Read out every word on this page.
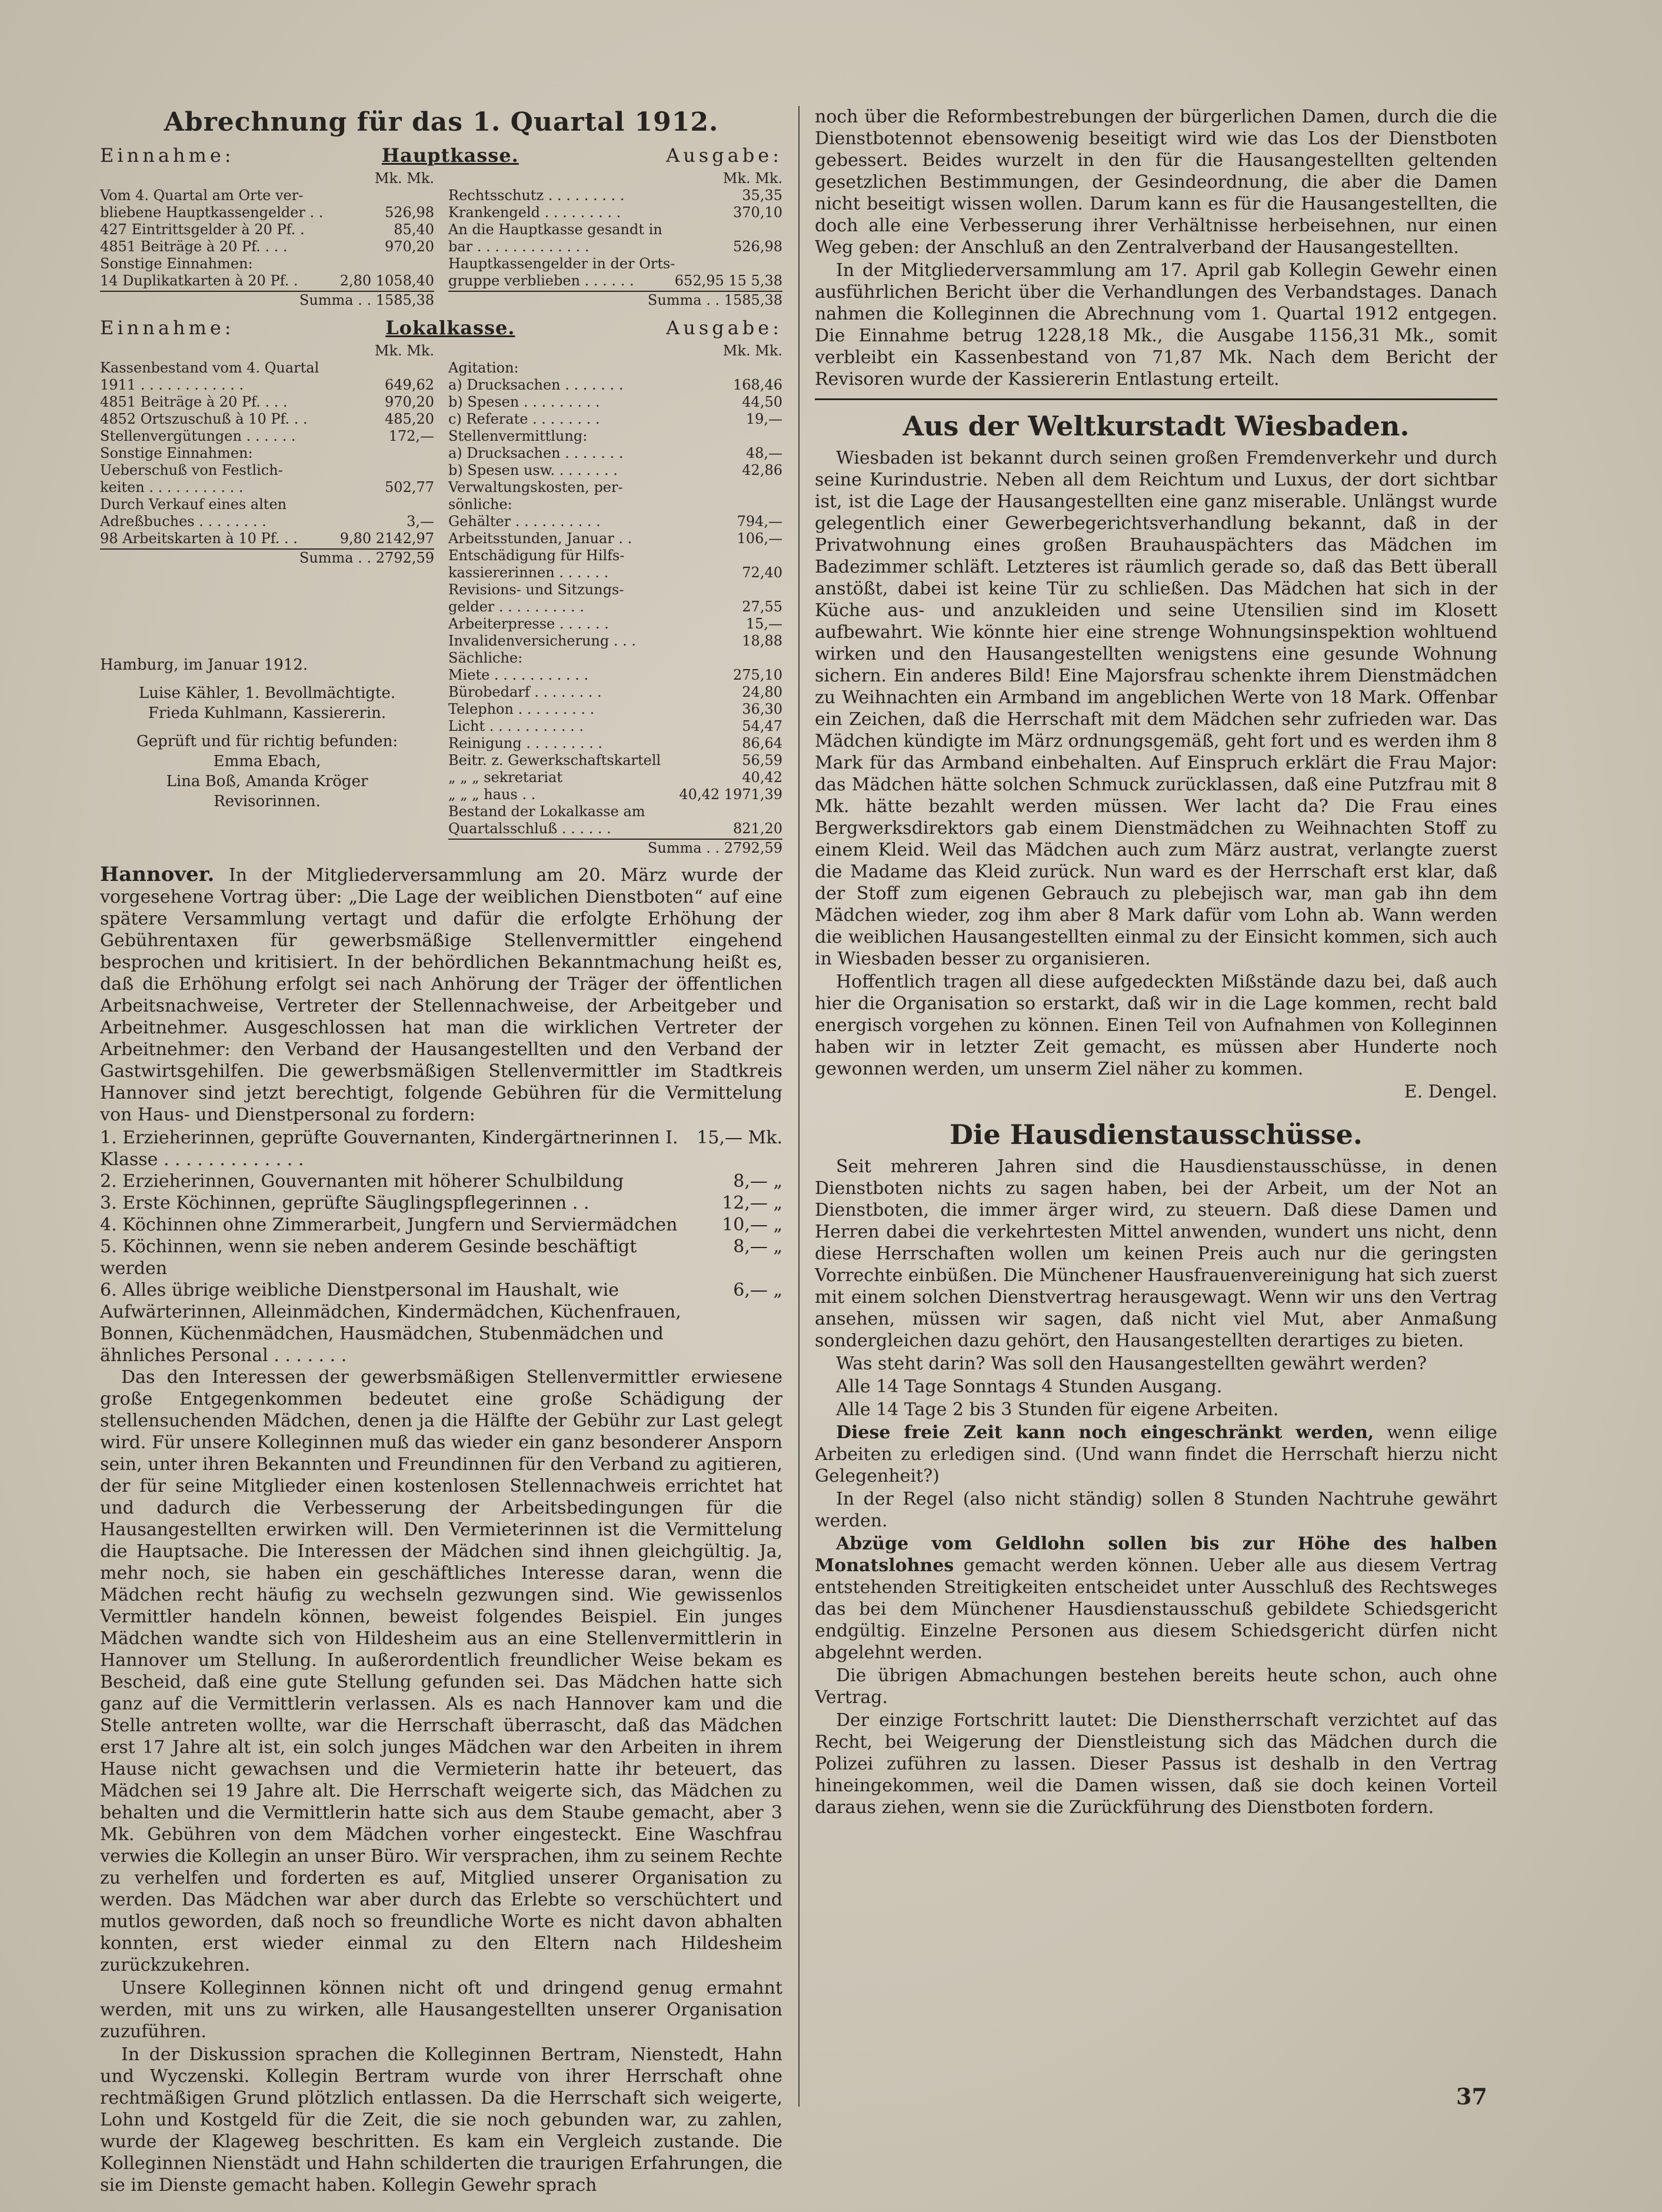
Abrechnung für das 1. Quartal 1912.
Einnahme:	Hauptkasse.	Ausgabe:
Mk. Mk.
Vom 4. Quartal am Orte ver-
bliebene Hauptkassengelder . .	526,98
427 Eintrittsgelder à 20 Pf. .	85,40
4851 Beiträge à 20 Pf. . . .	970,20
Sonstige Einnahmen:
14 Duplikatkarten à 20 Pf. .	2,80 1058,40
Summa . . 1585,38
Mk. Mk.
Rechtsschutz . . . . . . . . .	35,35
Krankengeld . . . . . . . . .	370,10
An die Hauptkasse gesandt in
bar . . . . . . . . . . . . .	526,98
Hauptkassengelder in der Orts-
gruppe verblieben . . . . . .	652,95 15 5,38
Summa . . 1585,38
Einnahme:	Lokalkasse.	Ausgabe:
Mk. Mk.
Kassenbestand vom 4. Quartal
1911 . . . . . . . . . . . .	649,62
4851 Beiträge à 20 Pf. . . .	970,20
4852 Ortszuschuß à 10 Pf. . .	485,20
Stellenvergütungen . . . . . .	172,—
Sonstige Einnahmen:
Ueberschuß von Festlich-
keiten . . . . . . . . . . .	502,77
Durch Verkauf eines alten
Adreßbuches . . . . . . . .	3,—
98 Arbeitskarten à 10 Pf. . .	9,80 2142,97
Summa . . 2792,59
Hamburg, im Januar 1912.
Luise Kähler, 1. Bevollmächtigte.
Frieda Kuhlmann, Kassiererin.
Geprüft und für richtig befunden:
Emma Ebach,
Lina Boß, Amanda Kröger
Revisorinnen.
Mk. Mk.
Agitation:
a) Drucksachen . . . . . . .	168,46
b) Spesen . . . . . . . . .	44,50
c) Referate . . . . . . . .	19,—
Stellenvermittlung:
a) Drucksachen . . . . . . .	48,—
b) Spesen usw. . . . . . . .	42,86
Verwaltungskosten, per-
sönliche:
Gehälter . . . . . . . . . .	794,—
Arbeitsstunden, Januar . .	106,—
Entschädigung für Hilfs-
kassiererinnen . . . . . .	72,40
Revisions- und Sitzungs-
gelder . . . . . . . . . .	27,55
Arbeiterpresse . . . . . .	15,—
Invalidenversicherung . . .	18,88
Sächliche:
Miete . . . . . . . . . . .	275,10
Bürobedarf . . . . . . . .	24,80
Telephon . . . . . . . . .	36,30
Licht . . . . . . . . . . .	54,47
Reinigung . . . . . . . . .	86,64
Beitr. z. Gewerkschaftskartell	56,59
„ „ „ sekretariat	40,42
„ „ „ haus . .	40,42 1971,39
Bestand der Lokalkasse am
Quartalsschluß . . . . . .	821,20
Summa . . 2792,59

Hannover. In der Mitgliederversammlung am 20. März wurde der vorgesehene Vortrag über: „Die Lage der weiblichen Dienstboten“ auf eine spätere Versammlung vertagt und dafür die erfolgte Erhöhung der Gebührentaxen für gewerbsmäßige Stellenvermittler eingehend besprochen und kritisiert. In der behördlichen Bekanntmachung heißt es, daß die Erhöhung erfolgt sei nach Anhörung der Träger der öffentlichen Arbeitsnachweise, Vertreter der Stellennachweise, der Arbeitgeber und Arbeitnehmer. Ausgeschlossen hat man die wirklichen Vertreter der Arbeitnehmer: den Verband der Hausangestellten und den Verband der Gastwirtsgehilfen. Die gewerbsmäßigen Stellenvermittler im Stadtkreis Hannover sind jetzt berechtigt, folgende Gebühren für die Vermittelung von Haus- und Dienstpersonal zu fordern:

1. Erzieherinnen, geprüfte Gouvernanten, Kindergärtnerinnen I. Klasse . . . . . . . . . . . . .
15,— Mk.
2. Erzieherinnen, Gouvernanten mit höherer Schulbildung	8,— „
3. Erste Köchinnen, geprüfte Säuglingspflegerinnen . .	12,— „
4. Köchinnen ohne Zimmerarbeit, Jungfern und Serviermädchen	10,— „
5. Köchinnen, wenn sie neben anderem Gesinde beschäftigt werden
8,— „
6. Alles übrige weibliche Dienstpersonal im Haushalt, wie Aufwärterinnen, Alleinmädchen, Kindermädchen, Küchenfrauen, Bonnen, Küchenmädchen, Hausmädchen, Stubenmädchen und ähnliches Personal . . . . . . .
6,— „

Das den Interessen der gewerbsmäßigen Stellenvermittler erwiesene große Entgegenkommen bedeutet eine große Schädigung der stellensuchenden Mädchen, denen ja die Hälfte der Gebühr zur Last gelegt wird. Für unsere Kolleginnen muß das wieder ein ganz besonderer Ansporn sein, unter ihren Bekannten und Freundinnen für den Verband zu agitieren, der für seine Mitglieder einen kostenlosen Stellennachweis errichtet hat und dadurch die Verbesserung der Arbeitsbedingungen für die Hausangestellten erwirken will. Den Vermieterinnen ist die Vermittelung die Hauptsache. Die Interessen der Mädchen sind ihnen gleichgültig. Ja, mehr noch, sie haben ein geschäftliches Interesse daran, wenn die Mädchen recht häufig zu wechseln gezwungen sind. Wie gewissenlos Vermittler handeln können, beweist folgendes Beispiel. Ein junges Mädchen wandte sich von Hildesheim aus an eine Stellenvermittlerin in Hannover um Stellung. In außerordentlich freundlicher Weise bekam es Bescheid, daß eine gute Stellung gefunden sei. Das Mädchen hatte sich ganz auf die Vermittlerin verlassen. Als es nach Hannover kam und die Stelle antreten wollte, war die Herrschaft überrascht, daß das Mädchen erst 17 Jahre alt ist, ein solch junges Mädchen war den Arbeiten in ihrem Hause nicht gewachsen und die Vermieterin hatte ihr beteuert, das Mädchen sei 19 Jahre alt. Die Herrschaft weigerte sich, das Mädchen zu behalten und die Vermittlerin hatte sich aus dem Staube gemacht, aber 3 Mk. Gebühren von dem Mädchen vorher eingesteckt. Eine Waschfrau verwies die Kollegin an unser Büro. Wir versprachen, ihm zu seinem Rechte zu verhelfen und forderten es auf, Mitglied unserer Organisation zu werden. Das Mädchen war aber durch das Erlebte so verschüchtert und mutlos geworden, daß noch so freundliche Worte es nicht davon abhalten konnten, erst wieder einmal zu den Eltern nach Hildesheim zurückzukehren.

Unsere Kolleginnen können nicht oft und dringend genug ermahnt werden, mit uns zu wirken, alle Hausangestellten unserer Organisation zuzuführen.

In der Diskussion sprachen die Kolleginnen Bertram, Nienstedt, Hahn und Wyczenski. Kollegin Bertram wurde von ihrer Herrschaft ohne rechtmäßigen Grund plötzlich entlassen. Da die Herrschaft sich weigerte, Lohn und Kostgeld für die Zeit, die sie noch gebunden war, zu zahlen, wurde der Klageweg beschritten. Es kam ein Vergleich zustande. Die Kolleginnen Nienstädt und Hahn schilderten die traurigen Erfahrungen, die sie im Dienste gemacht haben. Kollegin Gewehr sprach

noch über die Reformbestrebungen der bürgerlichen Damen, durch die die Dienstbotennot ebensowenig beseitigt wird wie das Los der Dienstboten gebessert. Beides wurzelt in den für die Hausangestellten geltenden gesetzlichen Bestimmungen, der Gesindeordnung, die aber die Damen nicht beseitigt wissen wollen. Darum kann es für die Hausangestellten, die doch alle eine Verbesserung ihrer Verhältnisse herbeisehnen, nur einen Weg geben: der Anschluß an den Zentralverband der Hausangestellten.

In der Mitgliederversammlung am 17. April gab Kollegin Gewehr einen ausführlichen Bericht über die Verhandlungen des Verbandstages. Danach nahmen die Kolleginnen die Abrechnung vom 1. Quartal 1912 entgegen. Die Einnahme betrug 1228,18 Mk., die Ausgabe 1156,31 Mk., somit verbleibt ein Kassenbestand von 71,87 Mk. Nach dem Bericht der Revisoren wurde der Kassiererin Entlastung erteilt.

Aus der Weltkurstadt Wiesbaden.

Wiesbaden ist bekannt durch seinen großen Fremdenverkehr und durch seine Kurindustrie. Neben all dem Reichtum und Luxus, der dort sichtbar ist, ist die Lage der Hausangestellten eine ganz miserable. Unlängst wurde gelegentlich einer Gewerbegerichtsverhandlung bekannt, daß in der Privatwohnung eines großen Brauhauspächters das Mädchen im Badezimmer schläft. Letzteres ist räumlich gerade so, daß das Bett überall anstößt, dabei ist keine Tür zu schließen. Das Mädchen hat sich in der Küche aus- und anzukleiden und seine Utensilien sind im Klosett aufbewahrt. Wie könnte hier eine strenge Wohnungsinspektion wohltuend wirken und den Hausangestellten wenigstens eine gesunde Wohnung sichern. Ein anderes Bild! Eine Majorsfrau schenkte ihrem Dienstmädchen zu Weihnachten ein Armband im angeblichen Werte von 18 Mark. Offenbar ein Zeichen, daß die Herrschaft mit dem Mädchen sehr zufrieden war. Das Mädchen kündigte im März ordnungsgemäß, geht fort und es werden ihm 8 Mark für das Armband einbehalten. Auf Einspruch erklärt die Frau Major: das Mädchen hätte solchen Schmuck zurücklassen, daß eine Putzfrau mit 8 Mk. hätte bezahlt werden müssen. Wer lacht da? Die Frau eines Bergwerksdirektors gab einem Dienstmädchen zu Weihnachten Stoff zu einem Kleid. Weil das Mädchen auch zum März austrat, verlangte zuerst die Madame das Kleid zurück. Nun ward es der Herrschaft erst klar, daß der Stoff zum eigenen Gebrauch zu plebejisch war, man gab ihn dem Mädchen wieder, zog ihm aber 8 Mark dafür vom Lohn ab. Wann werden die weiblichen Hausangestellten einmal zu der Einsicht kommen, sich auch in Wiesbaden besser zu organisieren.

Hoffentlich tragen all diese aufgedeckten Mißstände dazu bei, daß auch hier die Organisation so erstarkt, daß wir in die Lage kommen, recht bald energisch vorgehen zu können. Einen Teil von Aufnahmen von Kolleginnen haben wir in letzter Zeit gemacht, es müssen aber Hunderte noch gewonnen werden, um unserm Ziel näher zu kommen.

E. Dengel.
Die Hausdienstausschüsse.

Seit mehreren Jahren sind die Hausdienstausschüsse, in denen Dienstboten nichts zu sagen haben, bei der Arbeit, um der Not an Dienstboten, die immer ärger wird, zu steuern. Daß diese Damen und Herren dabei die verkehrtesten Mittel anwenden, wundert uns nicht, denn diese Herrschaften wollen um keinen Preis auch nur die geringsten Vorrechte einbüßen. Die Münchener Hausfrauenvereinigung hat sich zuerst mit einem solchen Dienstvertrag herausgewagt. Wenn wir uns den Vertrag ansehen, müssen wir sagen, daß nicht viel Mut, aber Anmaßung sondergleichen dazu gehört, den Hausangestellten derartiges zu bieten.

Was steht darin? Was soll den Hausangestellten gewährt werden?

Alle 14 Tage Sonntags 4 Stunden Ausgang.

Alle 14 Tage 2 bis 3 Stunden für eigene Arbeiten.

Diese freie Zeit kann noch eingeschränkt werden, wenn eilige Arbeiten zu erledigen sind. (Und wann findet die Herrschaft hierzu nicht Gelegenheit?)

In der Regel (also nicht ständig) sollen 8 Stunden Nachtruhe gewährt werden.

Abzüge vom Geldlohn sollen bis zur Höhe des halben Monatslohnes gemacht werden können. Ueber alle aus diesem Vertrag entstehenden Streitigkeiten entscheidet unter Ausschluß des Rechtsweges das bei dem Münchener Hausdienstausschuß gebildete Schiedsgericht endgültig. Einzelne Personen aus diesem Schiedsgericht dürfen nicht abgelehnt werden.

Die übrigen Abmachungen bestehen bereits heute schon, auch ohne Vertrag.

Der einzige Fortschritt lautet: Die Dienstherrschaft verzichtet auf das Recht, bei Weigerung der Dienstleistung sich das Mädchen durch die Polizei zuführen zu lassen. Dieser Passus ist deshalb in den Vertrag hineingekommen, weil die Damen wissen, daß sie doch keinen Vorteil daraus ziehen, wenn sie die Zurückführung des Dienstboten fordern.

37
